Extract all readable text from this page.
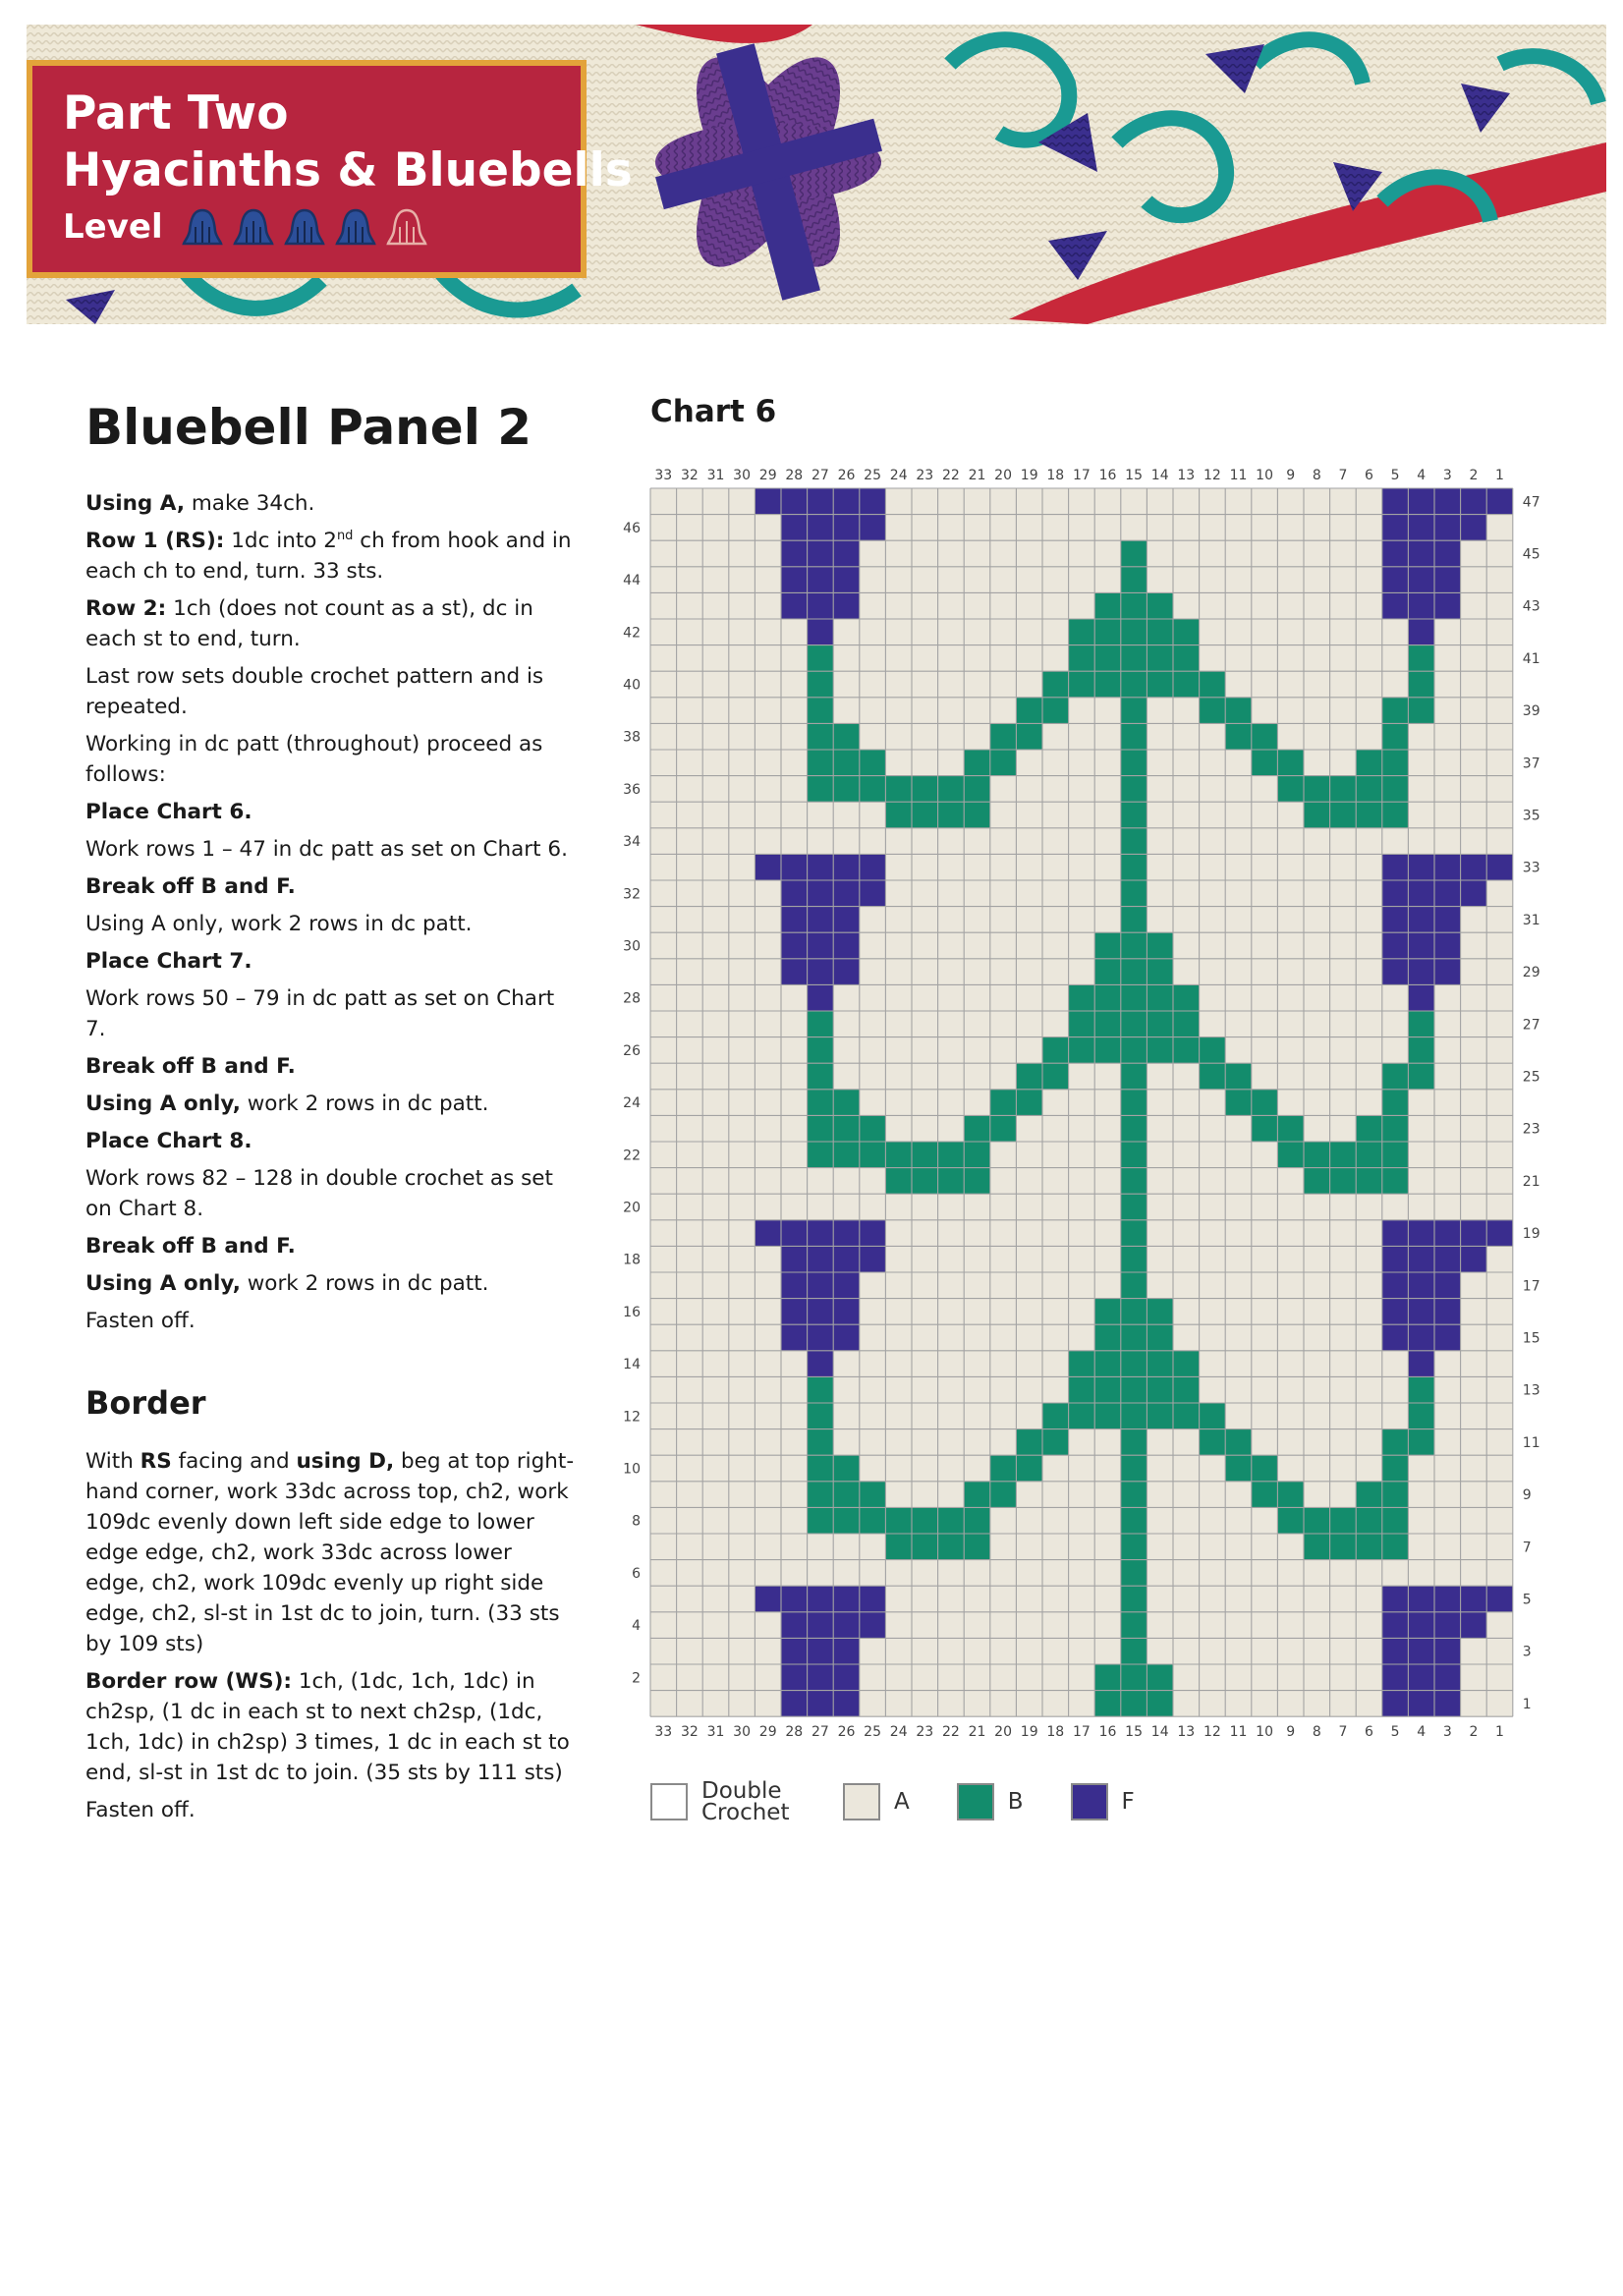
Part Two
Hyacinths & Bluebells
Level
Bluebell Panel 2

Using A, make 34ch.

Row 1 (RS): 1dc into 2nd ch from hook and in each ch to end, turn. 33 sts.

Row 2: 1ch (does not count as a st), dc in each st to end, turn.

Last row sets double crochet pattern and is repeated.

Working in dc patt (throughout) proceed as follows:

Place Chart 6.

Work rows 1 – 47 in dc patt as set on Chart 6.

Break off B and F.

Using A only, work 2 rows in dc patt.

Place Chart 7.

Work rows 50 – 79 in dc patt as set on Chart 7.

Break off B and F.

Using A only, work 2 rows in dc patt.

Place Chart 8.

Work rows 82 – 128 in double crochet as set on Chart 8.

Break off B and F.

Using A only, work 2 rows in dc patt.

Fasten off.

Border

With RS facing and using D, beg at top right-hand corner, work 33dc across top, ch2, work 109dc evenly down left side edge to lower edge edge, ch2, work 33dc across lower edge, ch2, work 109dc evenly up right side edge, ch2, sl-st in 1st dc to join, turn. (33 sts by 109 sts)

Border row (WS): 1ch, (1dc, 1ch, 1dc) in ch2sp, (1 dc in each st to next ch2sp, (1dc, 1ch, 1dc) in ch2sp) 3 times, 1 dc in each st to end, sl-st in 1st dc to join. (35 sts by 111 sts)

Fasten off.

Chart 6
33
33
32
32
31
31
30
30
29
29
28
28
27
27
26
26
25
25
24
24
23
23
22
22
21
21
20
20
19
19
18
18
17
17
16
16
15
15
14
14
13
13
12
12
11
11
10
10
9
9
8
8
7
7
6
6
5
5
4
4
3
3
2
2
1
1
46
44
42
40
38
36
34
32
30
28
26
24
22
20
18
16
14
12
10
8
6
4
2
47
45
43
41
39
37
35
33
31
29
27
25
23
21
19
17
15
13
11
9
7
5
3
1
Double
Crochet	A	B	F
